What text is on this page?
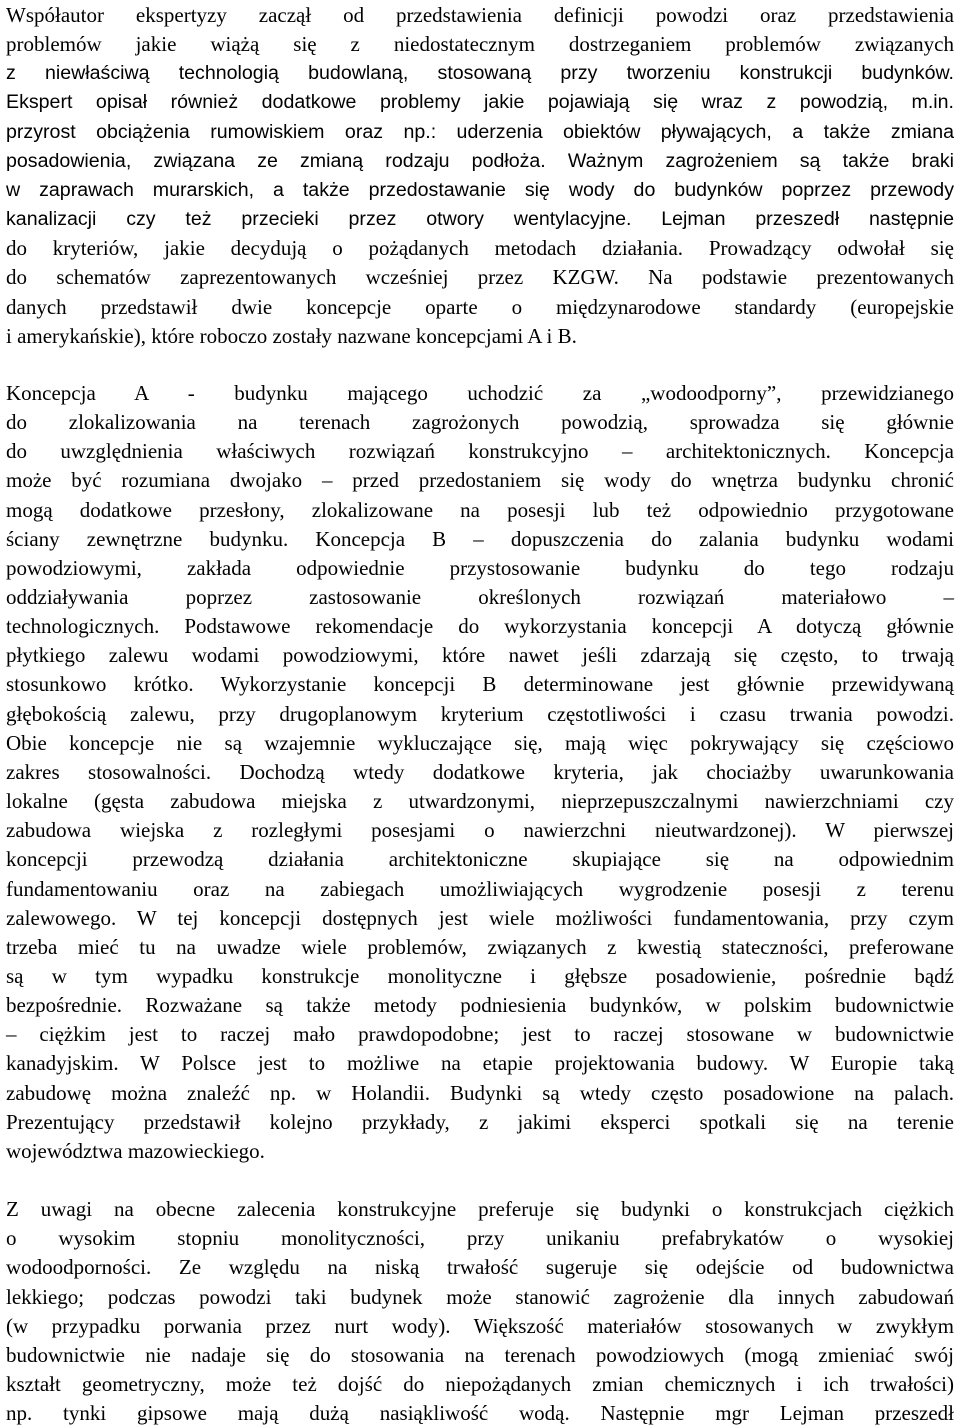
Współautor ekspertyzy zaczął od przedstawienia definicji powodzi oraz przedstawienia
problemów jakie wiążą się z niedostatecznym dostrzeganiem problemów związanych
z niewłaściwą technologią budowlaną, stosowaną przy tworzeniu konstrukcji budynków.
Ekspert opisał również dodatkowe problemy jakie pojawiają się wraz z powodzią, m.in.
przyrost obciążenia rumowiskiem oraz np.: uderzenia obiektów pływających, a także zmiana
posadowienia, związana ze zmianą rodzaju podłoża. Ważnym zagrożeniem są także braki
w zaprawach murarskich, a także przedostawanie się wody do budynków poprzez przewody
kanalizacji czy też przecieki przez otwory wentylacyjne. Lejman przeszedł następnie
do kryteriów, jakie decydują o pożądanych metodach działania. Prowadzący odwołał się
do schematów zaprezentowanych wcześniej przez KZGW. Na podstawie prezentowanych
danych przedstawił dwie koncepcje oparte o międzynarodowe standardy (europejskie
i amerykańskie), które roboczo zostały nazwane koncepcjami A i B.

Koncepcja A - budynku mającego uchodzić za „wodoodporny”, przewidzianego
do zlokalizowania na terenach zagrożonych powodzią, sprowadza się głównie
do uwzględnienia właściwych rozwiązań konstrukcyjno – architektonicznych. Koncepcja
może być rozumiana dwojako – przed przedostaniem się wody do wnętrza budynku chronić
mogą dodatkowe przesłony, zlokalizowane na posesji lub też odpowiednio przygotowane
ściany zewnętrzne budynku. Koncepcja B – dopuszczenia do zalania budynku wodami
powodziowymi, zakłada odpowiednie przystosowanie budynku do tego rodzaju
oddziaływania poprzez zastosowanie określonych rozwiązań materiałowo –
technologicznych. Podstawowe rekomendacje do wykorzystania koncepcji A dotyczą głównie
płytkiego zalewu wodami powodziowymi, które nawet jeśli zdarzają się często, to trwają
stosunkowo krótko. Wykorzystanie koncepcji B determinowane jest głównie przewidywaną
głębokością zalewu, przy drugoplanowym kryterium częstotliwości i czasu trwania powodzi.
Obie koncepcje nie są wzajemnie wykluczające się, mają więc pokrywający się częściowo
zakres stosowalności. Dochodzą wtedy dodatkowe kryteria, jak chociażby uwarunkowania
lokalne (gęsta zabudowa miejska z utwardzonymi, nieprzepuszczalnymi nawierzchniami czy
zabudowa wiejska z rozległymi posesjami o nawierzchni nieutwardzonej). W pierwszej
koncepcji przewodzą działania architektoniczne skupiające się na odpowiednim
fundamentowaniu oraz na zabiegach umożliwiających wygrodzenie posesji z terenu
zalewowego. W tej koncepcji dostępnych jest wiele możliwości fundamentowania, przy czym
trzeba mieć tu na uwadze wiele problemów, związanych z kwestią stateczności, preferowane
są w tym wypadku konstrukcje monolityczne i głębsze posadowienie, pośrednie bądź
bezpośrednie. Rozważane są także metody podniesienia budynków, w polskim budownictwie
– ciężkim jest to raczej mało prawdopodobne; jest to raczej stosowane w budownictwie
kanadyjskim. W Polsce jest to możliwe na etapie projektowania budowy. W Europie taką
zabudowę można znaleźć np. w Holandii. Budynki są wtedy często posadowione na palach.
Prezentujący przedstawił kolejno przykłady, z jakimi eksperci spotkali się na terenie
województwa mazowieckiego.

Z uwagi na obecne zalecenia konstrukcyjne preferuje się budynki o konstrukcjach ciężkich
o wysokim stopniu monolityczności, przy unikaniu prefabrykatów o wysokiej
wodoodporności. Ze względu na niską trwałość sugeruje się odejście od budownictwa
lekkiego; podczas powodzi taki budynek może stanowić zagrożenie dla innych zabudowań
(w przypadku porwania przez nurt wody). Większość materiałów stosowanych w zwykłym
budownictwie nie nadaje się do stosowania na terenach powodziowych (mogą zmieniać swój
kształt geometryczny, może też dojść do niepożądanych zmian chemicznych i ich trwałości)
np. tynki gipsowe mają dużą nasiąkliwość wodą. Następnie mgr Lejman przeszedł
